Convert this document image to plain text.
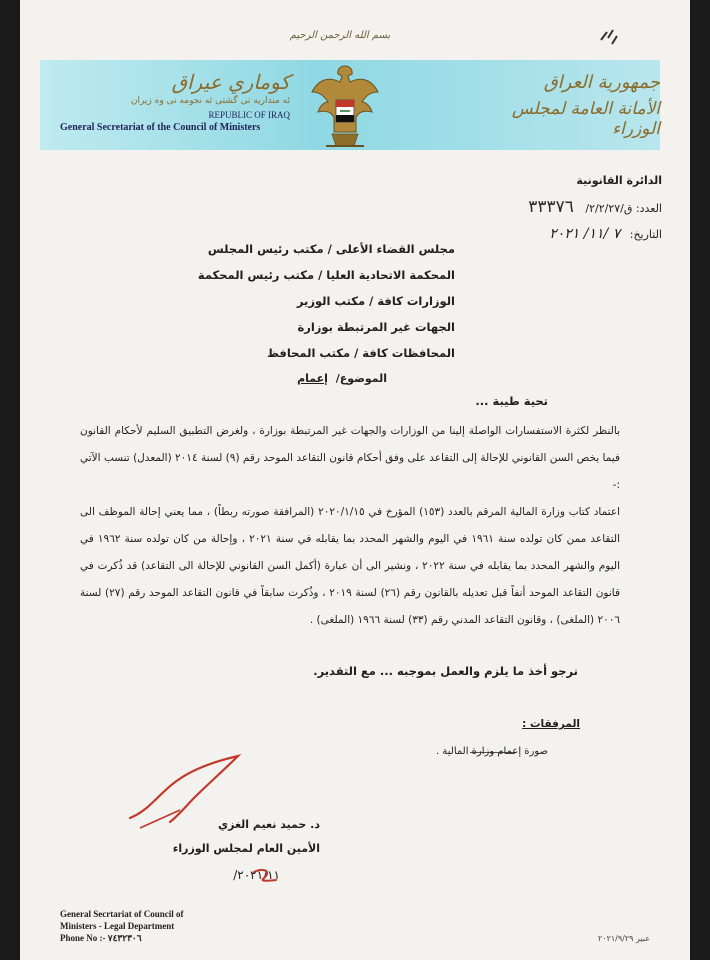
بسم الله الرحمن الرحيم
كوماري عيراق
ئه منداريه تى گشتى ئه نجومه نى وه زيران
REPUBLIC OF IRAQ
General Secretariat of the Council of Ministers
جمهورية العراق
الأمانة العامة لمجلس الوزراء
الدائرة القانونية
العدد: ق/٢/٢/٢٧/ ٣٣٣٧٦
التاريخ: ٧ /١١/ ٢٠٢١
مجلس القضاء الأعلى / مكتب رئيس المجلس
المحكمة الاتحادية العليا / مكتب رئيس المحكمة
الوزارات كافة / مكتب الوزير
الجهات غير المرتبطة بوزارة
المحافظات كافة / مكتب المحافظ
الموضوع/ إعمام
تحية طيبة ...
بالنظر لكثرة الاستفسارات الواصلة إلينا من الوزارات والجهات غير المرتبطة بوزارة ، ولغرض التطبيق السليم لأحكام القانون فيما يخص السن القانوني للإحالة إلى التقاعد على وفق أحكام قانون التقاعد الموحد رقم (٩) لسنة ٢٠١٤ (المعدل) تنسب الآتي :-
اعتماد كتاب وزارة المالية المرقم بالعدد (١٥٣) المؤرخ في ٢٠٢٠/١/١٥ (المرافقة صورته ربطاً) ، مما يعني إحالة الموظف الى التقاعد ممن كان تولده سنة ١٩٦١ في اليوم والشهر المحدد بما يقابله في سنة ٢٠٢١ ، وإحالة من كان تولده سنة ١٩٦٢ في اليوم والشهر المحدد بما يقابله في سنة ٢٠٢٢ ، ونشير الى أن عبارة (أكمل السن القانوني للإحالة الى التقاعد) قد ذُكرت في قانون التقاعد الموحد أنفاً قبل تعديله بالقانون رقم (٢٦) لسنة ٢٠١٩ ، وذُكرت سابقاً في قانون التقاعد الموحد رقم (٢٧) لسنة ٢٠٠٦ (الملغى) ، وقانون التقاعد المدني رقم (٣٣) لسنة ١٩٦٦ (الملغى) .
نرجو أخذ ما يلزم والعمل بموجبه ... مع التقدير.
المرفقات :
صورة إعمام وزارة المالية .
د. حميد نعيم الغزي
الأمين العام لمجلس الوزراء
٢٠٢١/١١/
General Secrtariat of Council of
Ministers - Legal Department
Phone No :- ٧٤٣٢٣٠٦	عبير ٢٠٢١/٩/٢٩
